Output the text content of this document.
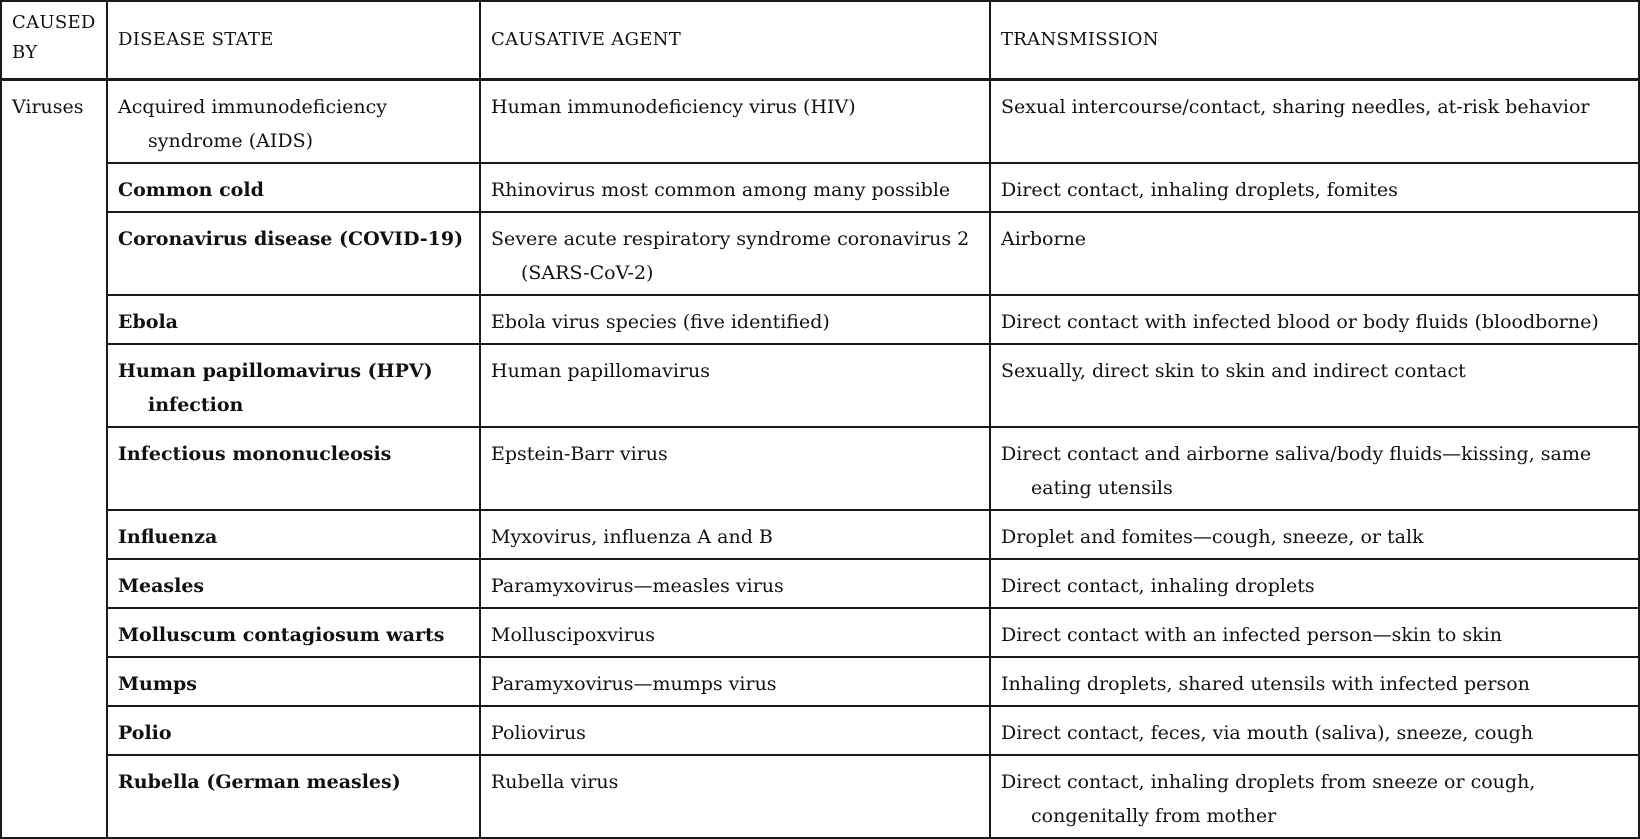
CAUSED BY	DISEASE STATE	CAUSATIVE AGENT	TRANSMISSION
Viruses	Acquired immunodeficiency syndrome (AIDS)	Human immunodeficiency virus (HIV)	Sexual intercourse/contact, sharing needles, at-risk behavior

	Common cold	Rhinovirus most common among many possible	Direct contact, inhaling droplets, fomites

	Coronavirus disease (COVID-19)	Severe acute respiratory syndrome coronavirus 2 (SARS-CoV-2)	Airborne

	Ebola	Ebola virus species (five identified)	Direct contact with infected blood or body fluids (bloodborne)

	Human papillomavirus (HPV) infection	Human papillomavirus	Sexually, direct skin to skin and indirect contact

	Infectious mononucleosis	Epstein-Barr virus	Direct contact and airborne saliva/body fluids—kissing, same eating utensils

	Influenza	Myxovirus, influenza A and B	Droplet and fomites—cough, sneeze, or talk

	Measles	Paramyxovirus—measles virus	Direct contact, inhaling droplets

	Molluscum contagiosum warts	Molluscipoxvirus	Direct contact with an infected person—skin to skin

	Mumps	Paramyxovirus—mumps virus	Inhaling droplets, shared utensils with infected person

	Polio	Poliovirus	Direct contact, feces, via mouth (saliva), sneeze, cough

	Rubella (German measles)	Rubella virus	Direct contact, inhaling droplets from sneeze or cough, congenitally from mother
